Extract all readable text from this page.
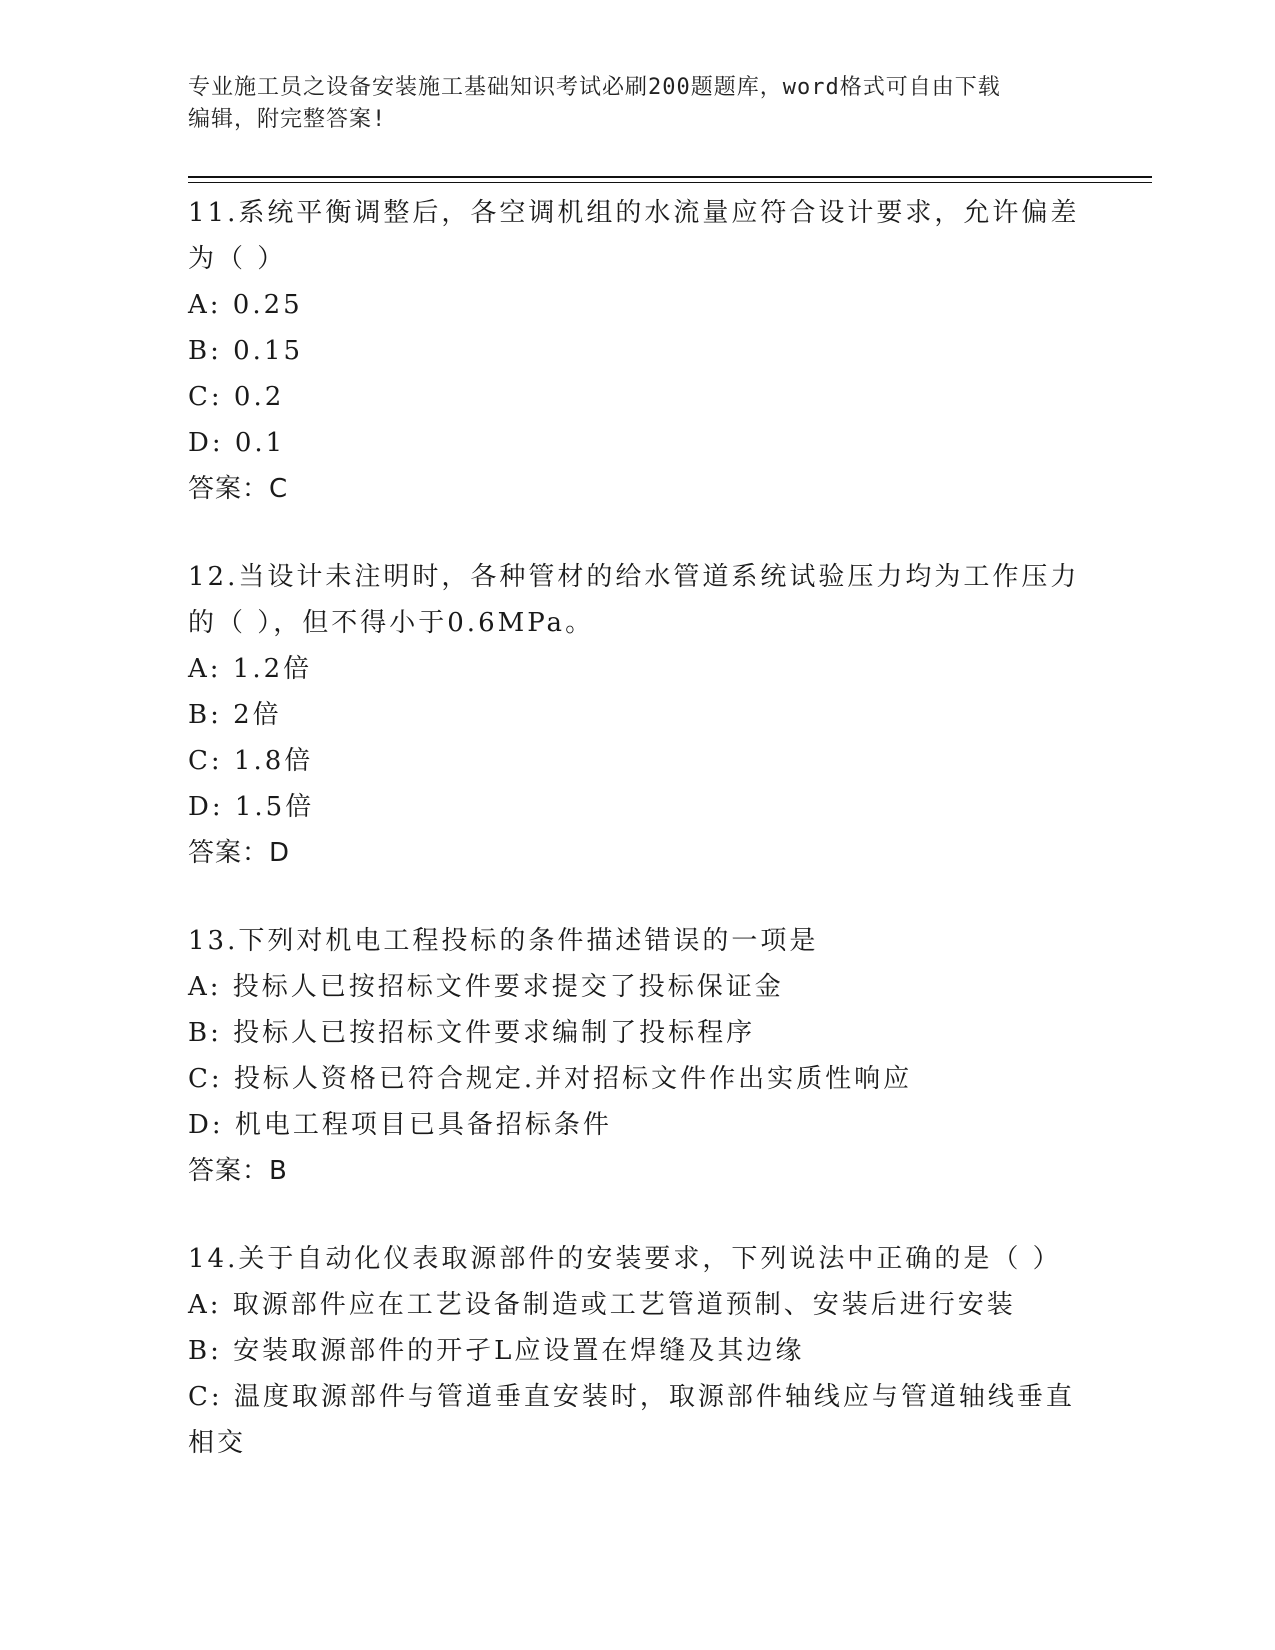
专业施工员之设备安装施工基础知识考试必刷200题题库，word格式可自由下载
编辑，附完整答案!

11.系统平衡调整后，各空调机组的水流量应符合设计要求，允许偏差为（ ）

A: 0.25

B: 0.15

C: 0.2

D: 0.1

答案：C

12.当设计未注明时，各种管材的给水管道系统试验压力均为工作压力的（ ），但不得小于0.6MPa。

A: 1.2倍

B: 2倍

C: 1.8倍

D: 1.5倍

答案：D

13.下列对机电工程投标的条件描述错误的一项是

A: 投标人已按招标文件要求提交了投标保证金

B: 投标人已按招标文件要求编制了投标程序

C: 投标人资格已符合规定.并对招标文件作出实质性响应

D: 机电工程项目已具备招标条件

答案：B

14.关于自动化仪表取源部件的安装要求，下列说法中正确的是（ ）

A: 取源部件应在工艺设备制造或工艺管道预制、安装后进行安装

B: 安装取源部件的开孑L应设置在焊缝及其边缘

C: 温度取源部件与管道垂直安装时，取源部件轴线应与管道轴线垂直相交
